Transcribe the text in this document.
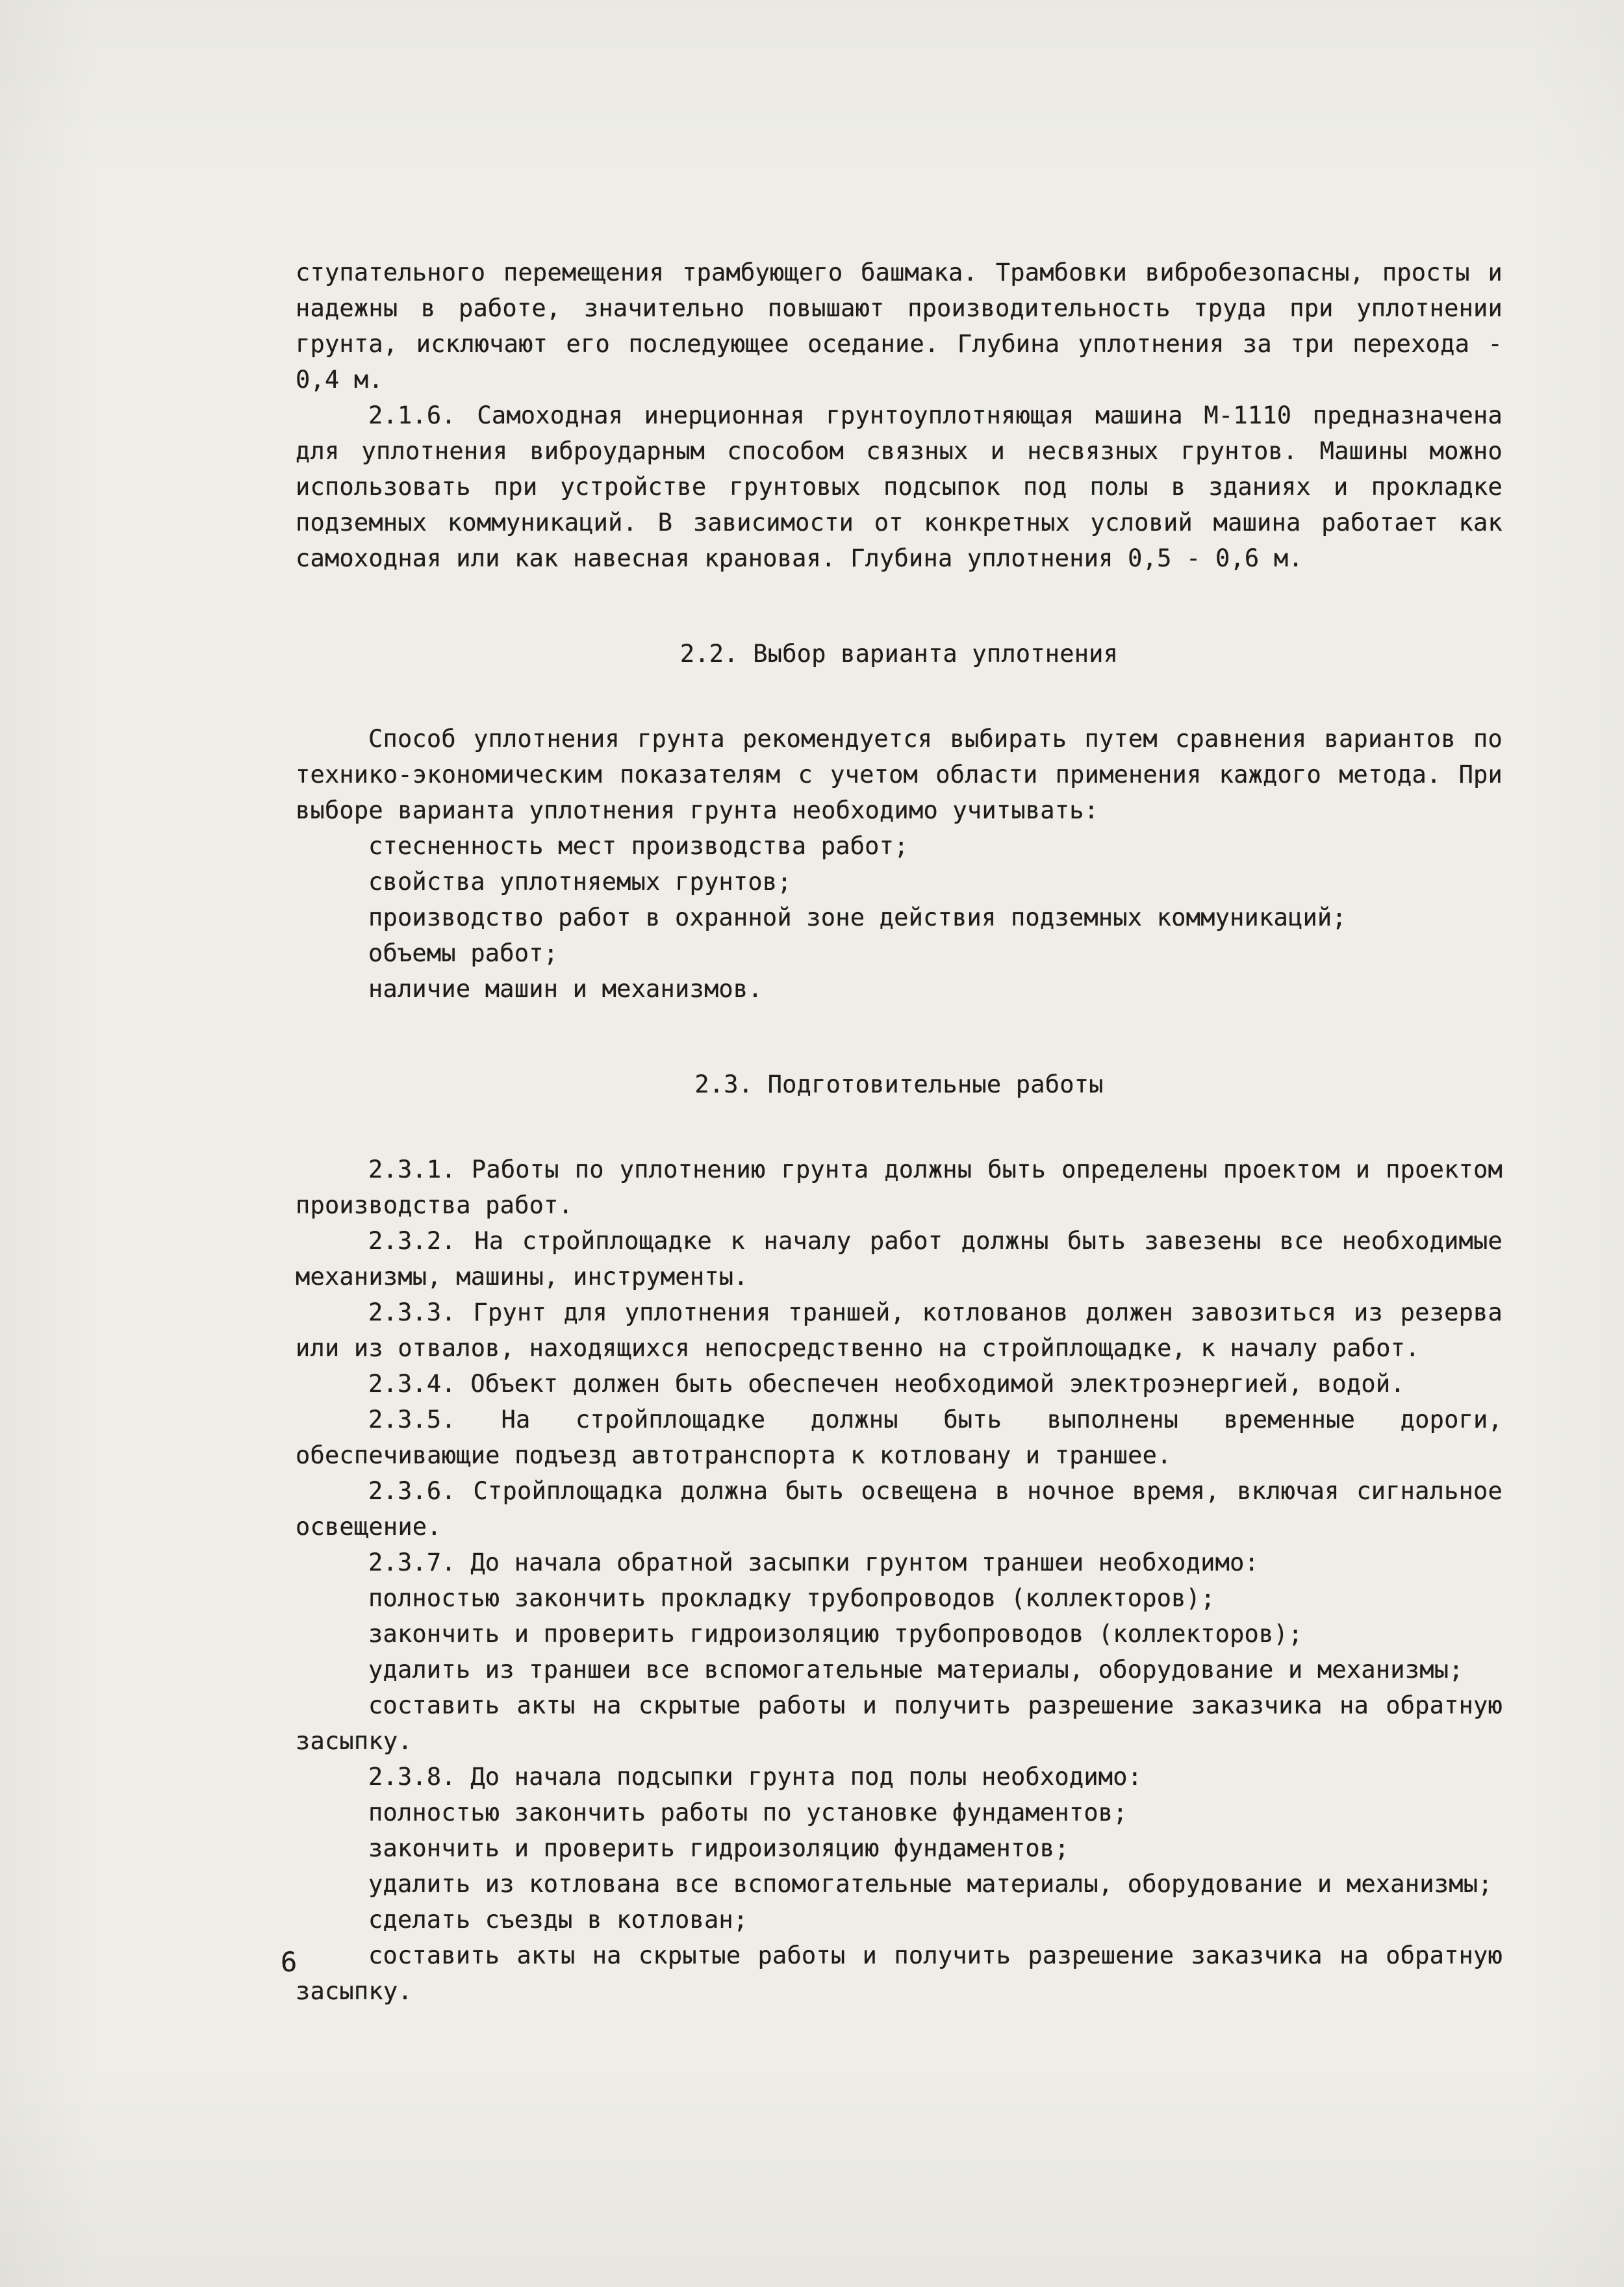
ступательного перемещения трамбующего башмака. Трамбовки вибробезопасны, просты и надежны в работе, значительно повышают производительность труда при уплотнении грунта, исключают его последующее оседание. Глубина уплотнения за три перехода - 0,4 м.

2.1.6. Самоходная инерционная грунтоуплотняющая машина М-1110 предназначена для уплотнения виброударным способом связных и несвязных грунтов. Машины можно использовать при устройстве грунтовых подсыпок под полы в зданиях и прокладке подземных коммуникаций. В зависимости от конкретных условий машина работает как самоходная или как навесная крановая. Глубина уплотнения 0,5 - 0,6 м.

2.2. Выбор варианта уплотнения

Способ уплотнения грунта рекомендуется выбирать путем сравнения вариантов по технико-экономическим показателям с учетом области применения каждого метода. При выборе варианта уплотнения грунта необходимо учитывать:

стесненность мест производства работ;

свойства уплотняемых грунтов;

производство работ в охранной зоне действия подземных коммуникаций;

объемы работ;

наличие машин и механизмов.

2.3. Подготовительные работы

2.3.1. Работы по уплотнению грунта должны быть определены проектом и проектом производства работ.

2.3.2. На стройплощадке к началу работ должны быть завезены все необходимые механизмы, машины, инструменты.

2.3.3. Грунт для уплотнения траншей, котлованов должен завозиться из резерва или из отвалов, находящихся непосредственно на стройплощадке, к началу работ.

2.3.4. Объект должен быть обеспечен необходимой электроэнергией, водой.

2.3.5. На стройплощадке должны быть выполнены временные дороги, обеспечивающие подъезд автотранспорта к котловану и траншее.

2.3.6. Стройплощадка должна быть освещена в ночное время, включая сигнальное освещение.

2.3.7. До начала обратной засыпки грунтом траншеи необходимо:

полностью закончить прокладку трубопроводов (коллекторов);

закончить и проверить гидроизоляцию трубопроводов (коллекторов);

удалить из траншеи все вспомогательные материалы, оборудование и механизмы;

составить акты на скрытые работы и получить разрешение заказчика на обратную засыпку.

2.3.8. До начала подсыпки грунта под полы необходимо:

полностью закончить работы по установке фундаментов;

закончить и проверить гидроизоляцию фундаментов;

удалить из котлована все вспомогательные материалы, оборудование и механизмы;

сделать съезды в котлован;

составить акты на скрытые работы и получить разрешение заказчика на обратную засыпку.

6
